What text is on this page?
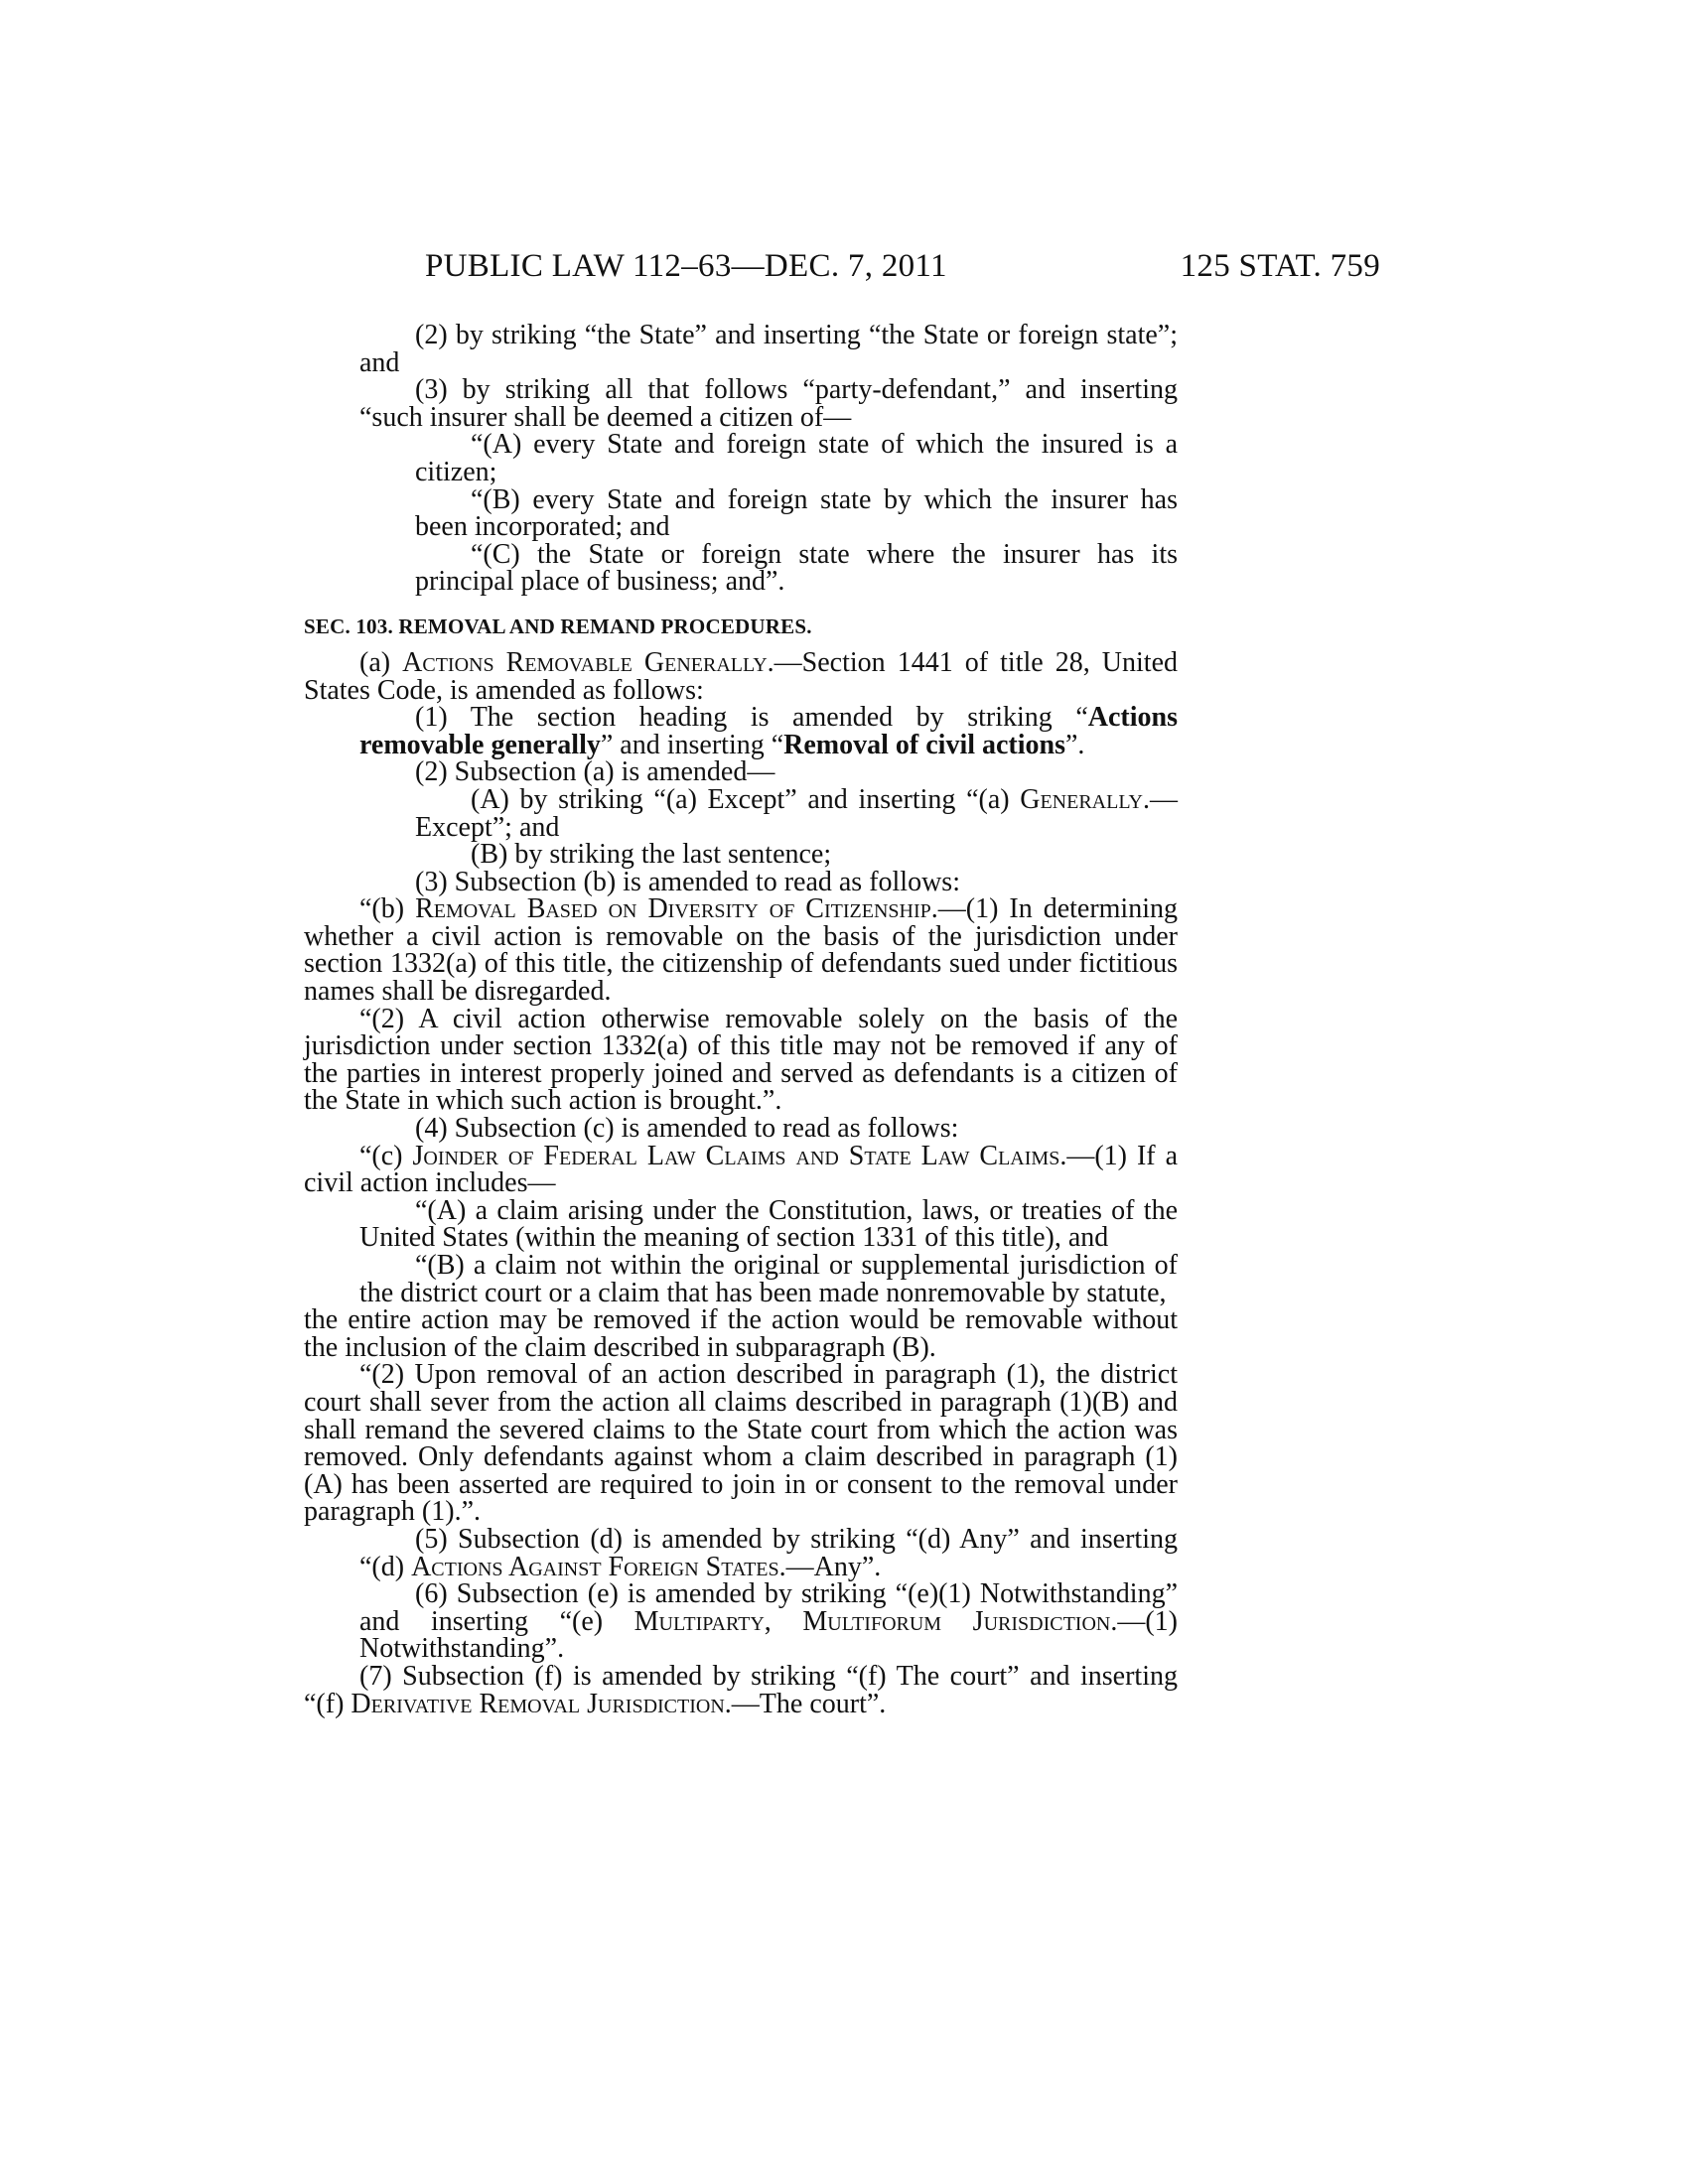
PUBLIC LAW 112–63—DEC. 7, 2011	125 STAT. 759

(2) by striking “the State” and inserting “the State or foreign state”; and

(3) by striking all that follows “party-defendant,” and inserting “such insurer shall be deemed a citizen of—

“(A) every State and foreign state of which the insured is a citizen;

“(B) every State and foreign state by which the insurer has been incorporated; and

“(C) the State or foreign state where the insurer has its principal place of business; and”.

SEC. 103. REMOVAL AND REMAND PROCEDURES.

(a) Actions Removable Generally.—Section 1441 of title 28, United States Code, is amended as follows:

(1) The section heading is amended by striking “Actions removable generally” and inserting “Removal of civil actions”.

(2) Subsection (a) is amended—

(A) by striking “(a) Except” and inserting “(a) Generally.—Except”; and

(B) by striking the last sentence;

(3) Subsection (b) is amended to read as follows:

“(b) Removal Based on Diversity of Citizenship.—(1) In determining whether a civil action is removable on the basis of the jurisdiction under section 1332(a) of this title, the citizenship of defendants sued under fictitious names shall be disregarded.

“(2) A civil action otherwise removable solely on the basis of the jurisdiction under section 1332(a) of this title may not be removed if any of the parties in interest properly joined and served as defendants is a citizen of the State in which such action is brought.”.

(4) Subsection (c) is amended to read as follows:

“(c) Joinder of Federal Law Claims and State Law Claims.—(1) If a civil action includes—

“(A) a claim arising under the Constitution, laws, or treaties of the United States (within the meaning of section 1331 of this title), and

“(B) a claim not within the original or supplemental jurisdiction of the district court or a claim that has been made nonremovable by statute,

the entire action may be removed if the action would be removable without the inclusion of the claim described in subparagraph (B).

“(2) Upon removal of an action described in paragraph (1), the district court shall sever from the action all claims described in paragraph (1)(B) and shall remand the severed claims to the State court from which the action was removed. Only defendants against whom a claim described in paragraph (1)(A) has been asserted are required to join in or consent to the removal under paragraph (1).”.

(5) Subsection (d) is amended by striking “(d) Any” and inserting “(d) Actions Against Foreign States.—Any”.

(6) Subsection (e) is amended by striking “(e)(1) Notwithstanding” and inserting “(e) Multiparty, Multiforum Jurisdiction.—(1) Notwithstanding”.

(7) Subsection (f) is amended by striking “(f) The court” and inserting “(f) Derivative Removal Jurisdiction.—The court”.
